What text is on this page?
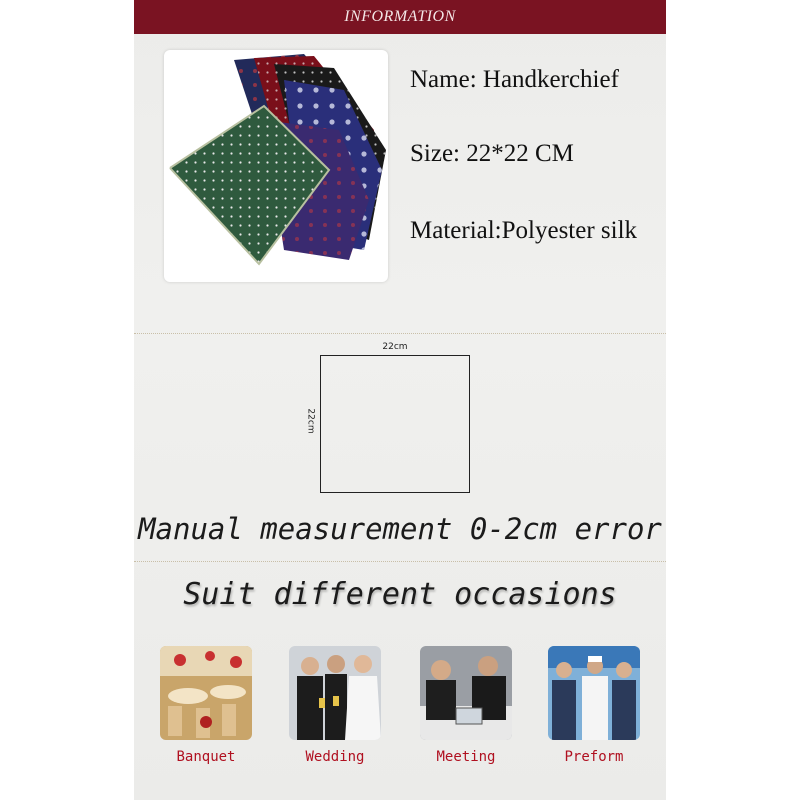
INFORMATION
Name: Handkerchief
Size: 22*22 CM
Material:Polyester silk
22cm
22cm
Manual measurement 0-2cm error
Suit different occasions
Banquet	Wedding	Meeting	Preform
